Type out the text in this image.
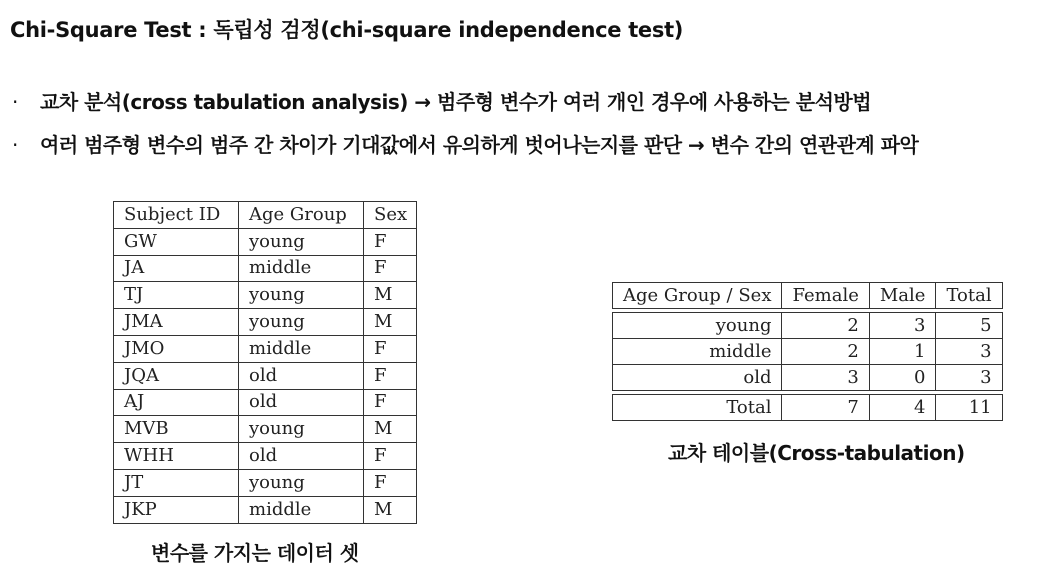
Chi-Square Test : 독립성 검정(chi-square independence test)
· 교차 분석(cross tabulation analysis) → 범주형 변수가 여러 개인 경우에 사용하는 분석방법
· 여러 범주형 변수의 범주 간 차이가 기대값에서 유의하게 벗어나는지를 판단 → 변수 간의 연관관계 파악
Subject ID	Age Group	Sex
GW	young	F
JA	middle	F
TJ	young	M
JMA	young	M
JMO	middle	F
JQA	old	F
AJ	old	F
MVB	young	M
WHH	old	F
JT	young	F
JKP	middle	M
변수를 가지는 데이터 셋
Age Group / Sex	Female	Male	Total

young	2	3	5
middle	2	1	3
old	3	0	3

Total	7	4	11
교차 테이블(Cross-tabulation)
